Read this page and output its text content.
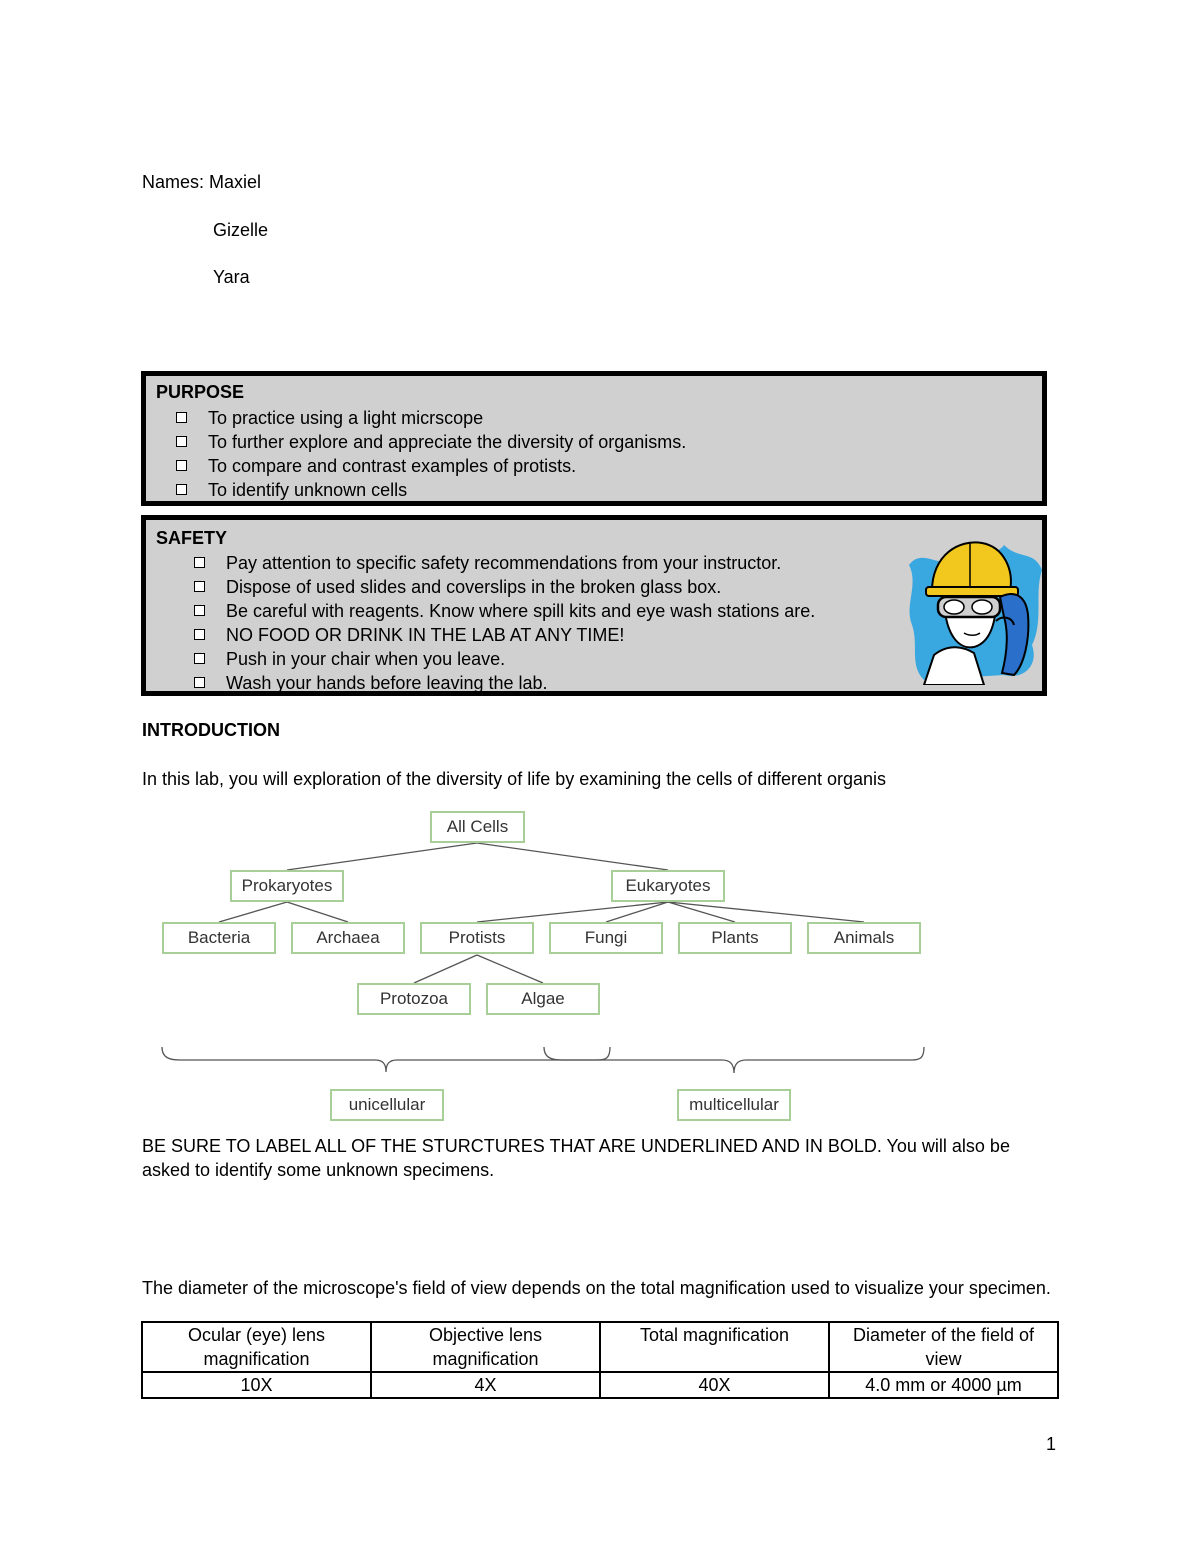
Names: Maxiel
Gizelle
Yara
PURPOSE
To practice using a light micrscope
To further explore and appreciate the diversity of organisms.
To compare and contrast examples of protists.
To identify unknown cells
SAFETY
Pay attention to specific safety recommendations from your instructor.
Dispose of used slides and coverslips in the broken glass box.
Be careful with reagents. Know where spill kits and eye wash stations are.
NO FOOD OR DRINK IN THE LAB AT ANY TIME!
Push in your chair when you leave.
Wash your hands before leaving the lab.
INTRODUCTION
In this lab, you will exploration of the diversity of life by examining the cells of different organis
All Cells
Prokaryotes	Eukaryotes
Bacteria	Archaea	Protists	Fungi	Plants	Animals
Protozoa	Algae
unicellular	multicellular
BE SURE TO LABEL ALL OF THE STURCTURES THAT ARE UNDERLINED AND IN BOLD. You will also be asked to identify some unknown specimens.
The diameter of the microscope's field of view depends on the total magnification used to visualize your specimen.
Ocular (eye) lens magnification	Objective lens magnification	Total magnification	Diameter of the field of view
10X	4X	40X	4.0 mm or 4000 µm
1
